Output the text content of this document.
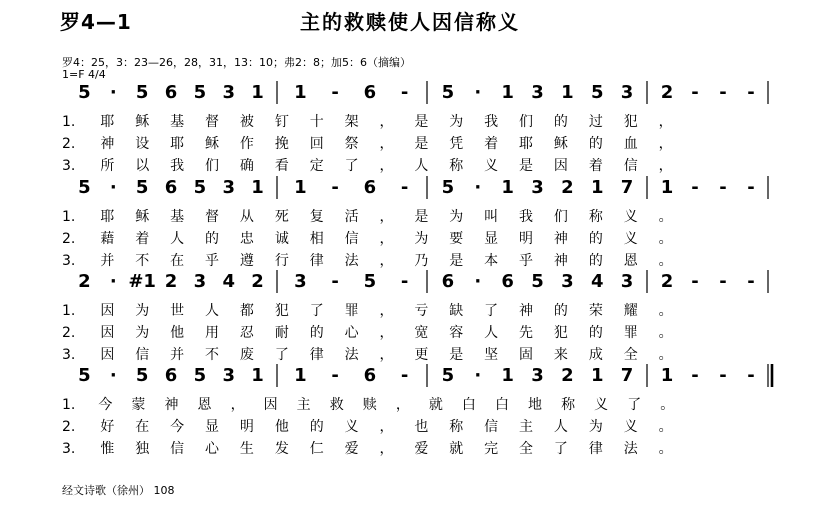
罗4—1	主的救赎使人因信称义
罗4：25，3：23—26，28，31，13：10；弗2：8；加5：6（摘编）
1=F 4/4
5 · 5 6 5 3 1 1 - 6 - 5 · 1 3 1 5 3 2 - - -
1. 耶 稣 基 督 被 钉 十 架 ， 是 为 我 们 的 过 犯 ，
2. 神 设 耶 稣 作 挽 回 祭 ， 是 凭 着 耶 稣 的 血 ，
3. 所 以 我 们 确 看 定 了 ， 人 称 义 是 因 着 信 ，
5 · 5 6 5 3 1 1 - 6 - 5 · 1 3 2 1 7 1 - - -
1. 耶 稣 基 督 从 死 复 活 ， 是 为 叫 我 们 称 义 。
2. 藉 着 人 的 忠 诚 相 信 ， 为 要 显 明 神 的 义 。
3. 并 不 在 乎 遵 行 律 法 ， 乃 是 本 乎 神 的 恩 。
2 · #1 2 3 4 2 3 - 5 - 6 · 6 5 3 4 3 2 - - -
1. 因 为 世 人 都 犯 了 罪 ， 亏 缺 了 神 的 荣 耀 。
2. 因 为 他 用 忍 耐 的 心 ， 宽 容 人 先 犯 的 罪 。
3. 因 信 并 不 废 了 律 法 ， 更 是 坚 固 来 成 全 。
5 · 5 6 5 3 1 1 - 6 - 5 · 1 3 2 1 7 1 - - -
1. 今 蒙 神 恩 ， 因 主 救 赎 ， 就 白 白 地 称 义 了 。
2. 好 在 今 显 明 他 的 义 ， 也 称 信 主 人 为 义 。
3. 惟 独 信 心 生 发 仁 爱 ， 爱 就 完 全 了 律 法 。
经文诗歌（徐州） 108
